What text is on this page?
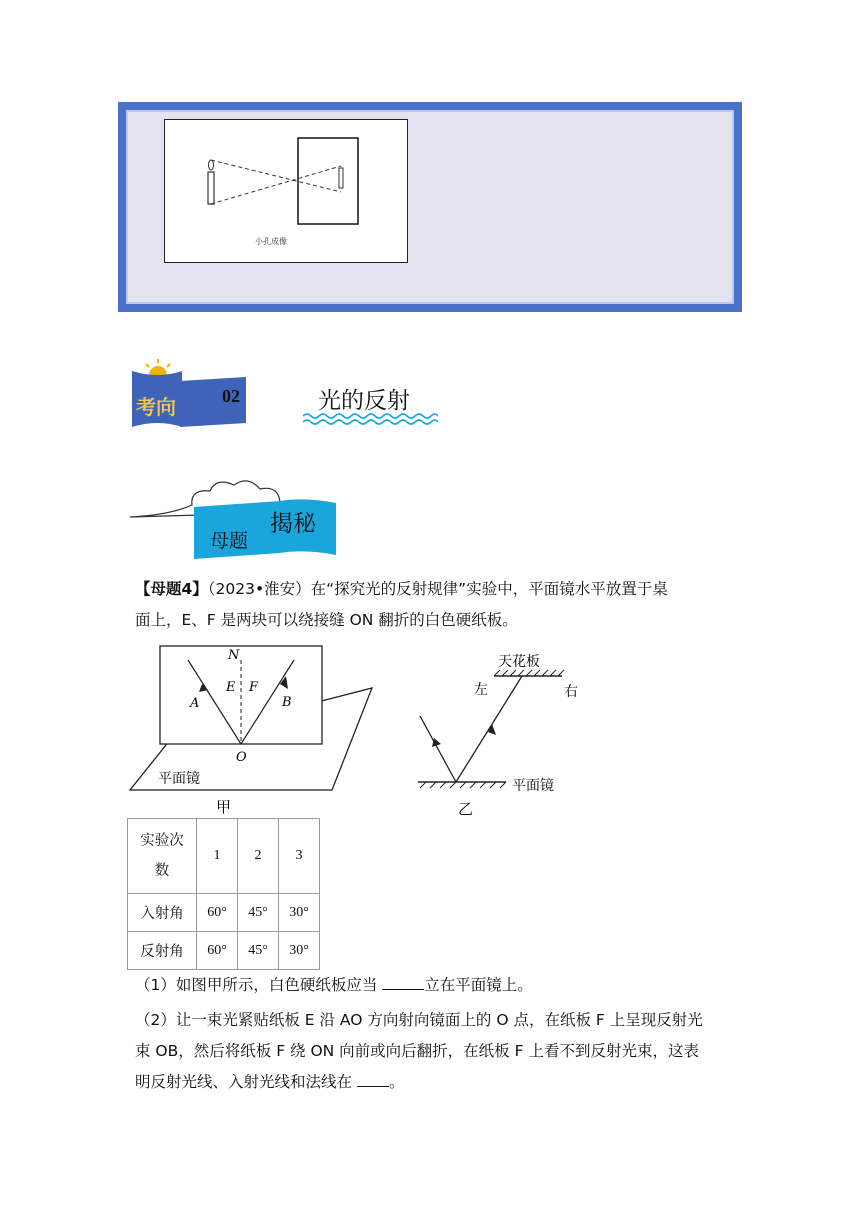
小孔成像
考向	02	光的反射
母题
揭秘
【母题4】（2023•淮安）在“探究光的反射规律”实验中，平面镜水平放置于桌
面上，E、F 是两块可以绕接缝 ON 翻折的白色硬纸板。
N
E F
A	B
O
平面镜
甲
天花板
左	右
平面镜
乙
实验次数	1	2	3
入射角	60°	45°	30°
反射角	60°	45°	30°
（1）如图甲所示，白色硬纸板应当	立在平面镜上。
（2）让一束光紧贴纸板 E 沿 AO 方向射向镜面上的 O 点，在纸板 F 上呈现反射光
束 OB，然后将纸板 F 绕 ON 向前或向后翻折，在纸板 F 上看不到反射光束，这表
明反射光线、入射光线和法线在 。
